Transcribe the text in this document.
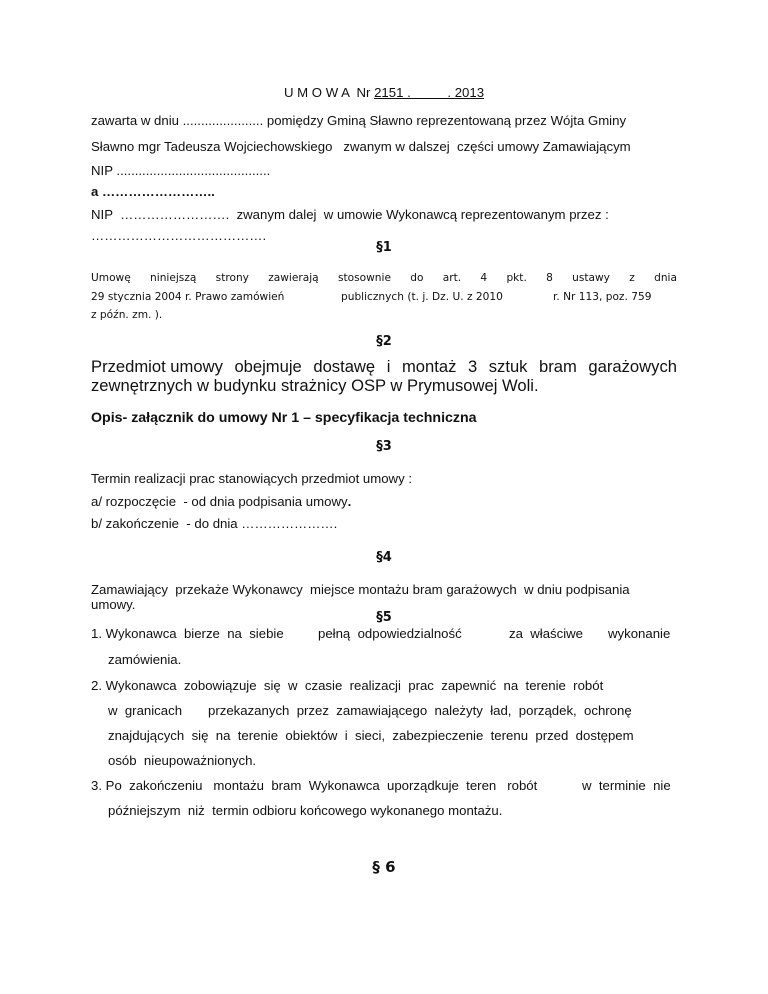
U M O W A  Nr 2151 .          . 2013
zawarta w dniu ...................... pomiędzy Gminą Sławno reprezentowaną przez Wójta Gminy
Sławno mgr Tadeusza Wojciechowskiego   zwanym w dalszej  części umowy Zamawiającym
NIP ..........................................
a ……………………..
NIP  …………………….  zwanym dalej  w umowie Wykonawcą reprezentowanym przez :
………………………………….
§1
Umowę niniejszą strony zawierają stosownie do art. 4 pkt. 8 ustawy z dnia
29 stycznia 2004 r. Prawo zamówień	publicznych (t. j. Dz. U. z 2010	r. Nr 113, poz. 759
z późn. zm. ).
§2
Przedmiot umowy obejmuje dostawę i montaż 3 sztuk bram garażowych
zewnętrznych w budynku strażnicy OSP w Prymusowej Woli.
Opis- załącznik do umowy Nr 1 – specyfikacja techniczna
§3
Termin realizacji prac stanowiących przedmiot umowy :
a/ rozpoczęcie  - od dnia podpisania umowy.
b/ zakończenie  - do dnia ………………….
§4
Zamawiający  przekaże Wykonawcy  miejsce montażu bram garażowych  w dniu podpisania
umowy.
§5
1. Wykonawca  bierze  na  siebie	pełną  odpowiedzialność	za  właściwe wykonanie
zamówienia.
2. Wykonawca  zobowiązuje  się  w  czasie  realizacji  prac  zapewnić  na  terenie  robót
w  granicach przekazanych  przez  zamawiającego  należyty  ład,  porządek,  ochronę
znajdujących  się  na  terenie  obiektów  i  sieci,  zabezpieczenie  terenu  przed  dostępem
osób  nieupoważnionych.
3. Po  zakończeniu   montażu  bram  Wykonawca  uporządkuje  teren   robót	w  terminie  nie
późniejszym  niż  termin odbioru końcowego wykonanego montażu.
§ 6
